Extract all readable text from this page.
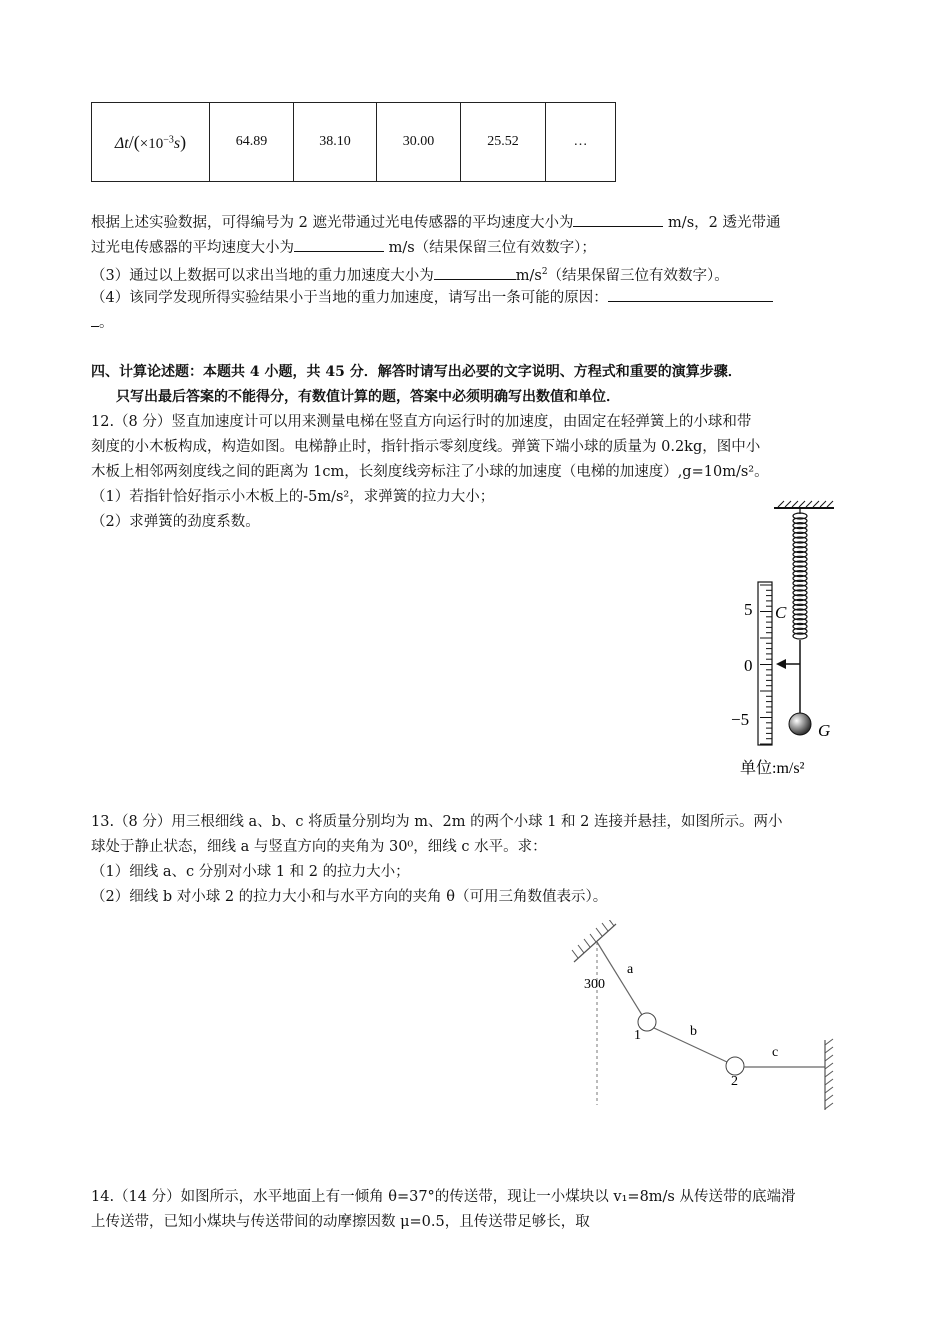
$\Delta t/(\times 10^{-3}s)$	64.89	38.10	30.00	25.52	…
根据上述实验数据，可得编号为 2 遮光带通过光电传感器的平均速度大小为	m/s，2 透光带通
过光电传感器的平均速度大小为	m/s（结果保留三位有效数字）；
（3）通过以上数据可以求出当地的重力加速度大小为	$m/s^2$（结果保留三位有效数字）。
（4）该同学发现所得实验结果小于当地的重力加速度，请写出一条可能的原因：
。
四、计算论述题：本题共 4 小题，共 45 分．解答时请写出必要的文字说明、方程式和重要的演算步骤．
只写出最后答案的不能得分，有数值计算的题，答案中必须明确写出数值和单位．
12.（8 分）竖直加速度计可以用来测量电梯在竖直方向运行时的加速度，由固定在轻弹簧上的小球和带
刻度的小木板构成，构造如图。电梯静止时，指针指示零刻度线。弹簧下端小球的质量为 0.2kg，图中小
木板上相邻两刻度线之间的距离为 1cm，长刻度线旁标注了小球的加速度（电梯的加速度）,g=10m/s²。
（1）若指针恰好指示小木板上的-5m/s²，求弹簧的拉力大小；
（2）求弹簧的劲度系数。
5
0
−5
C
G
单位:m/s²
13.（8 分）用三根细线 a、b、c 将质量分别均为 m、2m 的两个小球 1 和 2 连接并悬挂，如图所示。两小
球处于静止状态，细线 a 与竖直方向的夹角为 30⁰，细线 c 水平。求：
（1）细线 a、c 分别对小球 1 和 2 的拉力大小；
（2）细线 b 对小球 2 的拉力大小和与水平方向的夹角 θ（可用三角数值表示）。
a
300
1	b
2
c
14.（14 分）如图所示，水平地面上有一倾角 θ=37°的传送带，现让一小煤块以 v₁=8m/s 从传送带的底端滑
上传送带，已知小煤块与传送带间的动摩擦因数 μ=0.5，且传送带足够长，取
